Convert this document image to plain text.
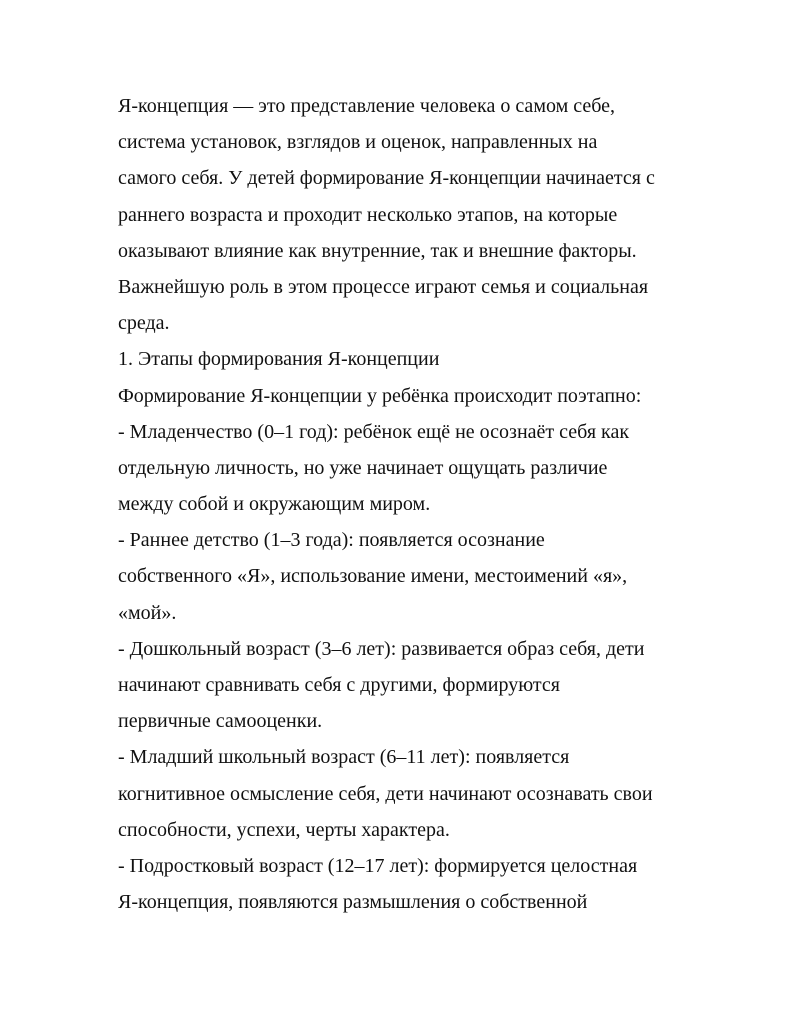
Я-концепция — это представление человека о самом себе,
система установок, взглядов и оценок, направленных на
самого себя. У детей формирование Я-концепции начинается с
раннего возраста и проходит несколько этапов, на которые
оказывают влияние как внутренние, так и внешние факторы.
Важнейшую роль в этом процессе играют семья и социальная
среда.
1. Этапы формирования Я-концепции
Формирование Я-концепции у ребёнка происходит поэтапно:
- Младенчество (0–1 год): ребёнок ещё не осознаёт себя как
отдельную личность, но уже начинает ощущать различие
между собой и окружающим миром.
- Раннее детство (1–3 года): появляется осознание
собственного «Я», использование имени, местоимений «я»,
«мой».
- Дошкольный возраст (3–6 лет): развивается образ себя, дети
начинают сравнивать себя с другими, формируются
первичные самооценки.
- Младший школьный возраст (6–11 лет): появляется
когнитивное осмысление себя, дети начинают осознавать свои
способности, успехи, черты характера.
- Подростковый возраст (12–17 лет): формируется целостная
Я-концепция, появляются размышления о собственной
